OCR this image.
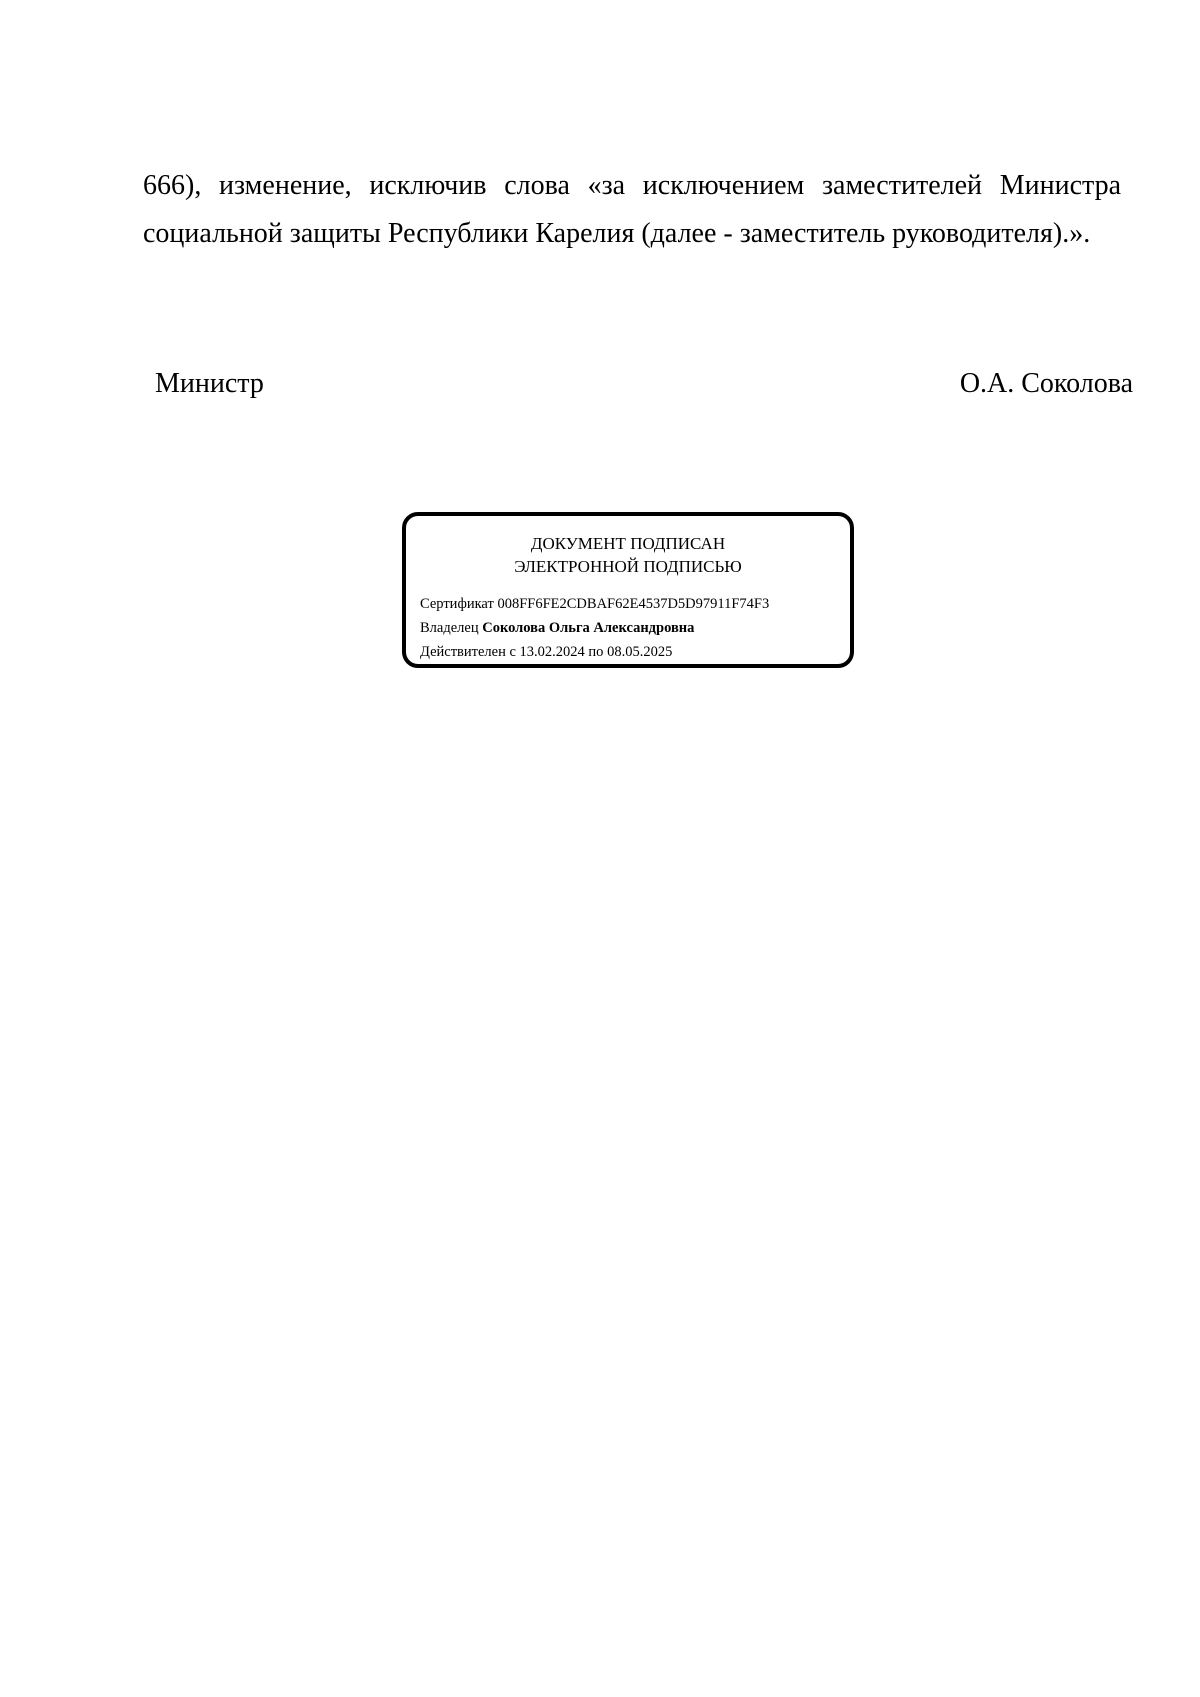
666), изменение, исключив слова «за исключением заместителей Министра социальной защиты Республики Карелия (далее - заместитель руководителя).».

Министр	О.А. Соколова
ДОКУМЕНТ ПОДПИСАН
ЭЛЕКТРОННОЙ ПОДПИСЬЮ
Сертификат 008FF6FE2CDBAF62E4537D5D97911F74F3
Владелец Соколова Ольга Александровна
Действителен с 13.02.2024 по 08.05.2025
